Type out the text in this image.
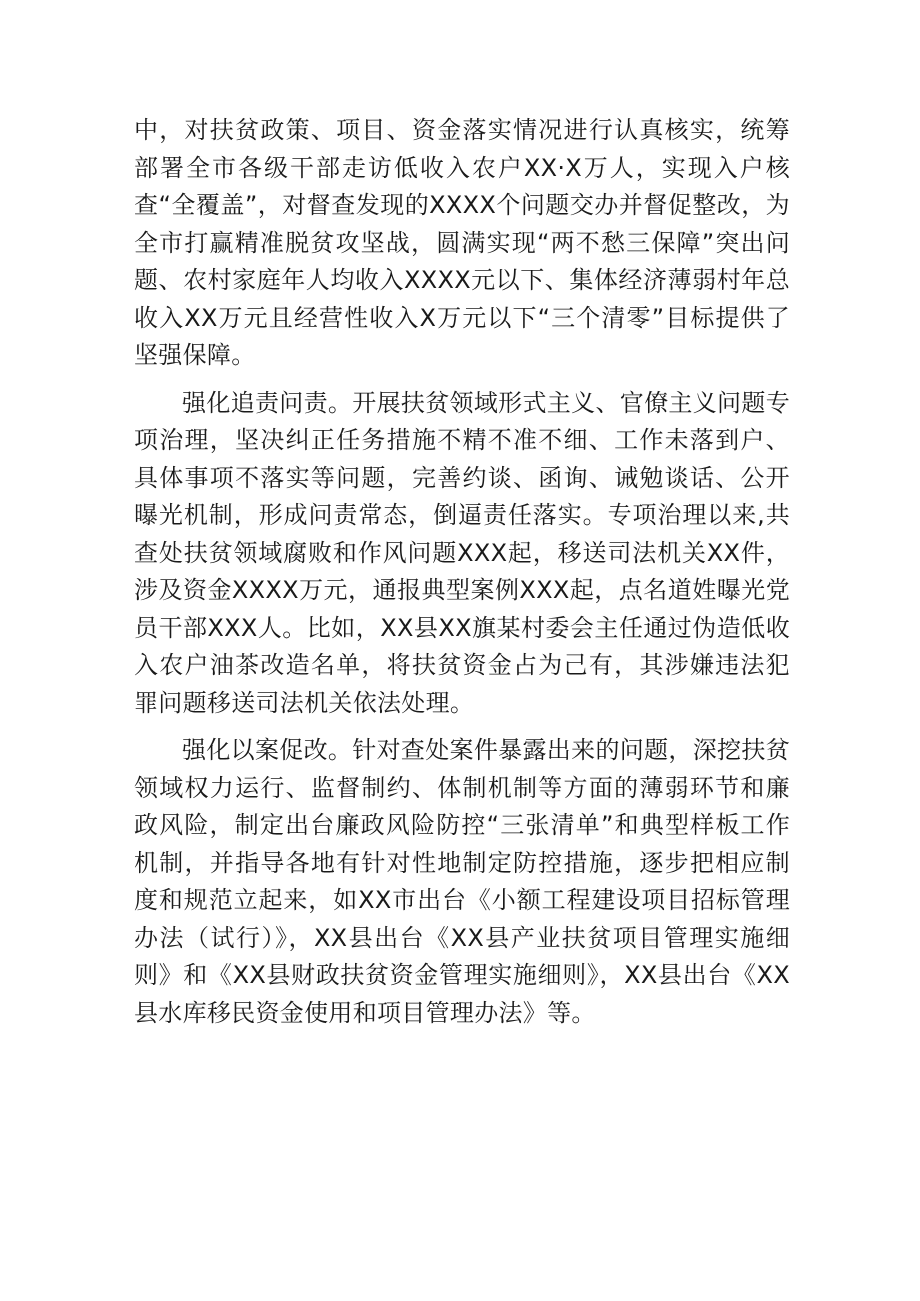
中，对扶贫政策、项目、资金落实情况进行认真核实，统筹部署全市各级干部走访低收入农户XX·X万人，实现入户核查“全覆盖”，对督查发现的XXXX个问题交办并督促整改，为全市打赢精准脱贫攻坚战，圆满实现“两不愁三保障”突出问题、农村家庭年人均收入XXXX元以下、集体经济薄弱村年总收入XX万元且经营性收入X万元以下“三个清零”目标提供了坚强保障。

强化追责问责。开展扶贫领域形式主义、官僚主义问题专项治理，坚决纠正任务措施不精不准不细、工作未落到户、具体事项不落实等问题，完善约谈、函询、诫勉谈话、公开曝光机制，形成问责常态，倒逼责任落实。专项治理以来,共查处扶贫领域腐败和作风问题XXX起，移送司法机关XX件，涉及资金XXXX万元，通报典型案例XXX起，点名道姓曝光党员干部XXX人。比如，XX县XX旗某村委会主任通过伪造低收入农户油茶改造名单，将扶贫资金占为己有，其涉嫌违法犯罪问题移送司法机关依法处理。

强化以案促改。针对查处案件暴露出来的问题，深挖扶贫领域权力运行、监督制约、体制机制等方面的薄弱环节和廉政风险，制定出台廉政风险防控“三张清单”和典型样板工作机制，并指导各地有针对性地制定防控措施，逐步把相应制度和规范立起来，如XX市出台《小额工程建设项目招标管理办法（试行）》，XX县出台《XX县产业扶贫项目管理实施细则》和《XX县财政扶贫资金管理实施细则》，XX县出台《XX县水库移民资金使用和项目管理办法》等。
